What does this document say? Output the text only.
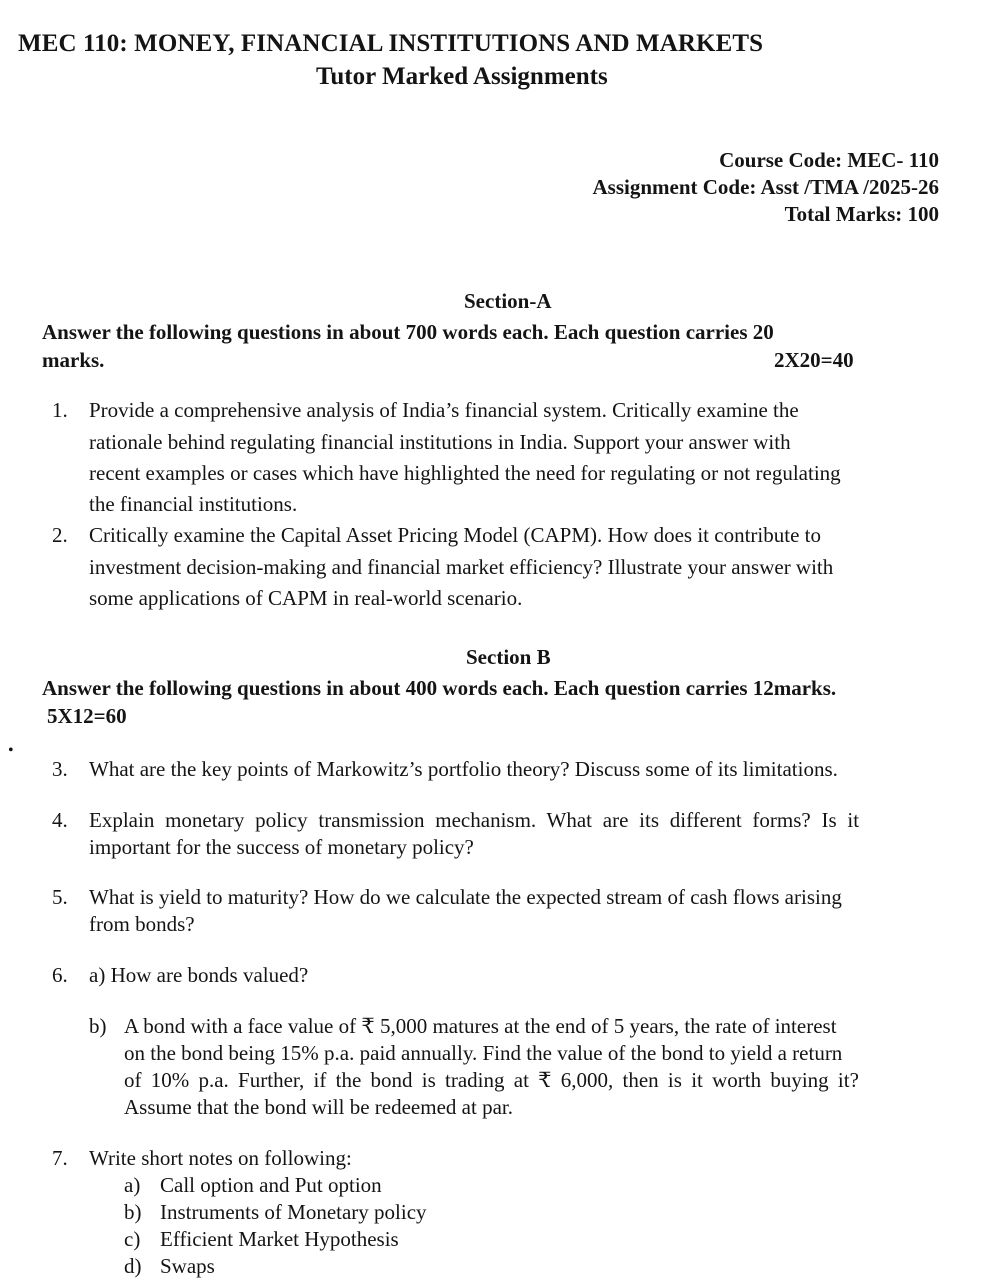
MEC 110: MONEY, FINANCIAL INSTITUTIONS AND MARKETS
Tutor Marked Assignments
Course Code: MEC- 110
Assignment Code: Asst /TMA /2025-26
Total Marks: 100
Section-A
Answer the following questions in about 700 words each. Each question carries 20
marks.	2X20=40
1. Provide a comprehensive analysis of India’s financial system. Critically examine the
rationale behind regulating financial institutions in India. Support your answer with
recent examples or cases which have highlighted the need for regulating or not regulating
the financial institutions.
2. Critically examine the Capital Asset Pricing Model (CAPM). How does it contribute to
investment decision-making and financial market efficiency? Illustrate your answer with
some applications of CAPM in real-world scenario.
Section B
Answer the following questions in about 400 words each. Each question carries 12marks.
5X12=60
•
3. What are the key points of Markowitz’s portfolio theory? Discuss some of its limitations.
4. Explain monetary policy transmission mechanism. What are its different forms? Is it
important for the success of monetary policy?
5. What is yield to maturity? How do we calculate the expected stream of cash flows arising
from bonds?
6. a) How are bonds valued?
b) A bond with a face value of ₹ 5,000 matures at the end of 5 years, the rate of interest
on the bond being 15% p.a. paid annually. Find the value of the bond to yield a return
of 10% p.a. Further, if the bond is trading at ₹ 6,000, then is it worth buying it?
Assume that the bond will be redeemed at par.
7. Write short notes on following:
a) Call option and Put option
b) Instruments of Monetary policy
c) Efficient Market Hypothesis
d) Swaps
